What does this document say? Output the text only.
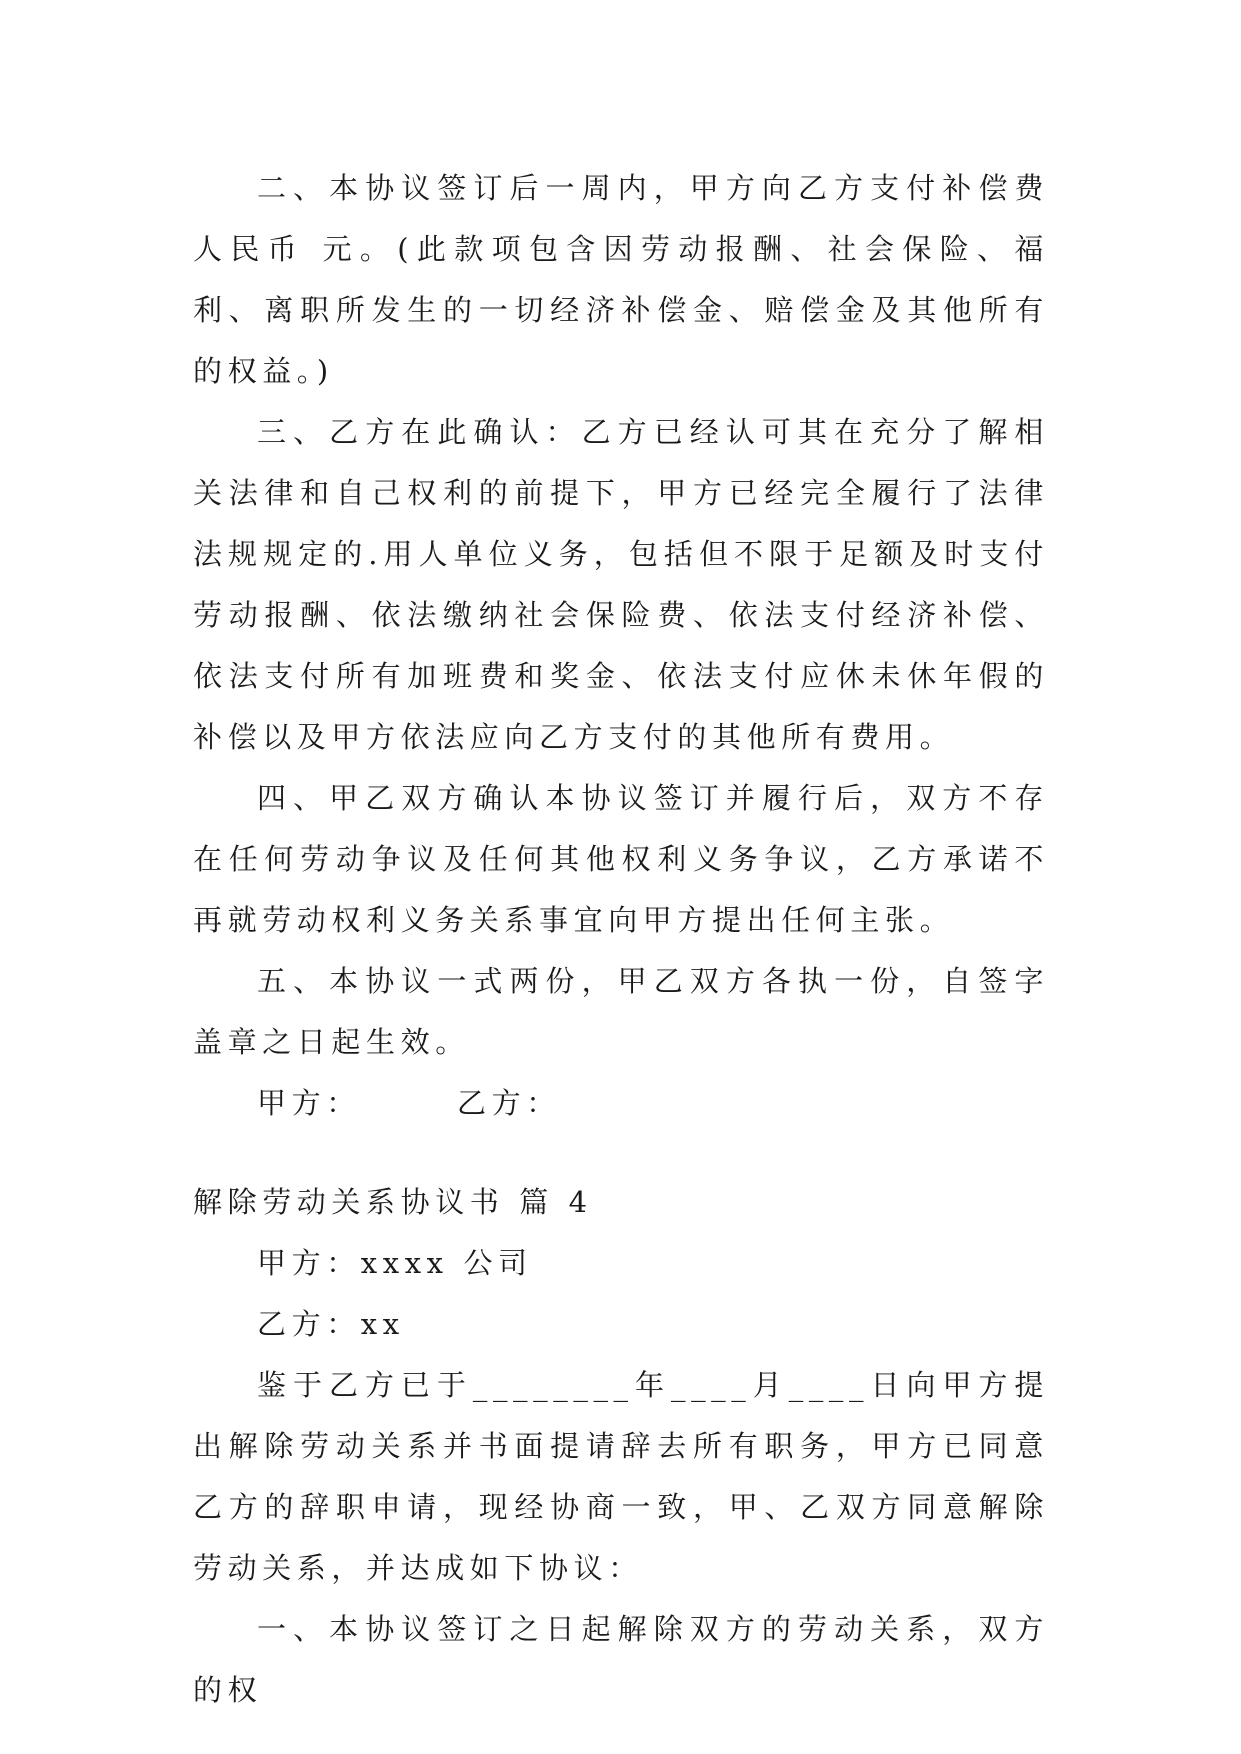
二、本协议签订后一周内，甲方向乙方支付补偿费人民币 元。(此款项包含因劳动报酬、社会保险、福利、离职所发生的一切经济补偿金、赔偿金及其他所有的权益。)

三、乙方在此确认：乙方已经认可其在充分了解相关法律和自己权利的前提下，甲方已经完全履行了法律法规规定的.用人单位义务，包括但不限于足额及时支付劳动报酬、依法缴纳社会保险费、依法支付经济补偿、依法支付所有加班费和奖金、依法支付应休未休年假的补偿以及甲方依法应向乙方支付的其他所有费用。

四、甲乙双方确认本协议签订并履行后，双方不存在任何劳动争议及任何其他权利义务争议，乙方承诺不再就劳动权利义务关系事宜向甲方提出任何主张。

五、本协议一式两份，甲乙双方各执一份，自签字盖章之日起生效。

甲方：	乙方：

解除劳动关系协议书 篇 4

甲方：xxxx 公司

乙方：xx

鉴于乙方已于________年____月____日向甲方提出解除劳动关系并书面提请辞去所有职务，甲方已同意乙方的辞职申请，现经协商一致，甲、乙双方同意解除劳动关系，并达成如下协议：

一、本协议签订之日起解除双方的劳动关系，双方的权
